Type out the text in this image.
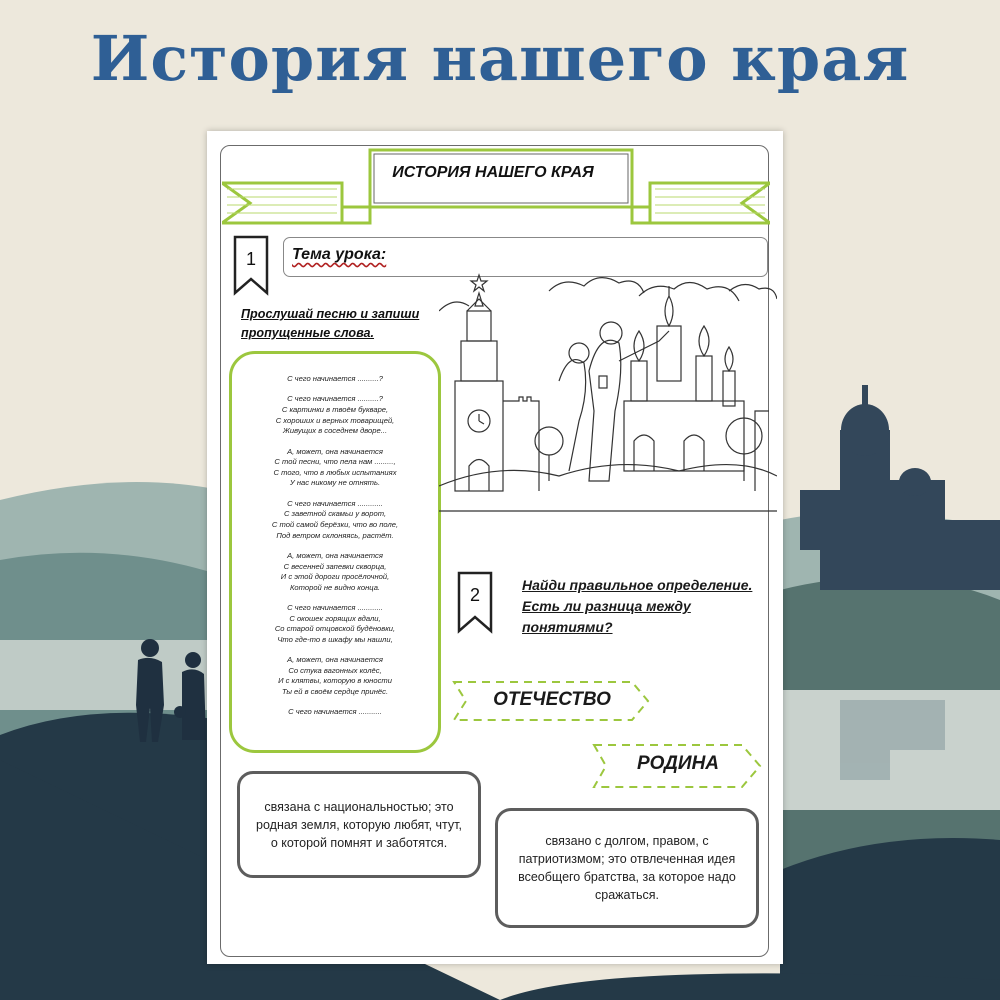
История нашего края
ИСТОРИЯ НАШЕГО КРАЯ
1	Тема урока:
Прослушай песню и запиши пропущенные слова.
С чего начинается ..........?
С чего начинается ..........?
С картинки в твоём букваре,
С хороших и верных товарищей,
Живущих в соседнем дворе...
А, может, она начинается
С той песни, что пела нам .........,
С того, что в любых испытаниях
У нас никому не отнять.
С чего начинается ............
С заветной скамьи у ворот,
С той самой берёзки, что во поле,
Под ветром склоняясь, растёт.
А, может, она начинается
С весенней запевки скворца,
И с этой дороги просёлочной,
Которой не видно конца.
С чего начинается ............
С окошек горящих вдали,
Со старой отцовской будёновки,
Что где-то в шкафу мы нашли,
А, может, она начинается
Со стука вагонных колёс,
И с клятвы, которую в юности
Ты ей в своём сердце принёс.
С чего начинается ...........
2	Найди правильное определение. Есть ли разница между понятиями?
ОТЕЧЕСТВО
РОДИНА
связана с национальностью; это родная земля, которую любят, чтут, о которой помнят и заботятся.	связано с долгом, правом, с патриотизмом; это отвлеченная идея всеобщего братства, за которое надо сражаться.
